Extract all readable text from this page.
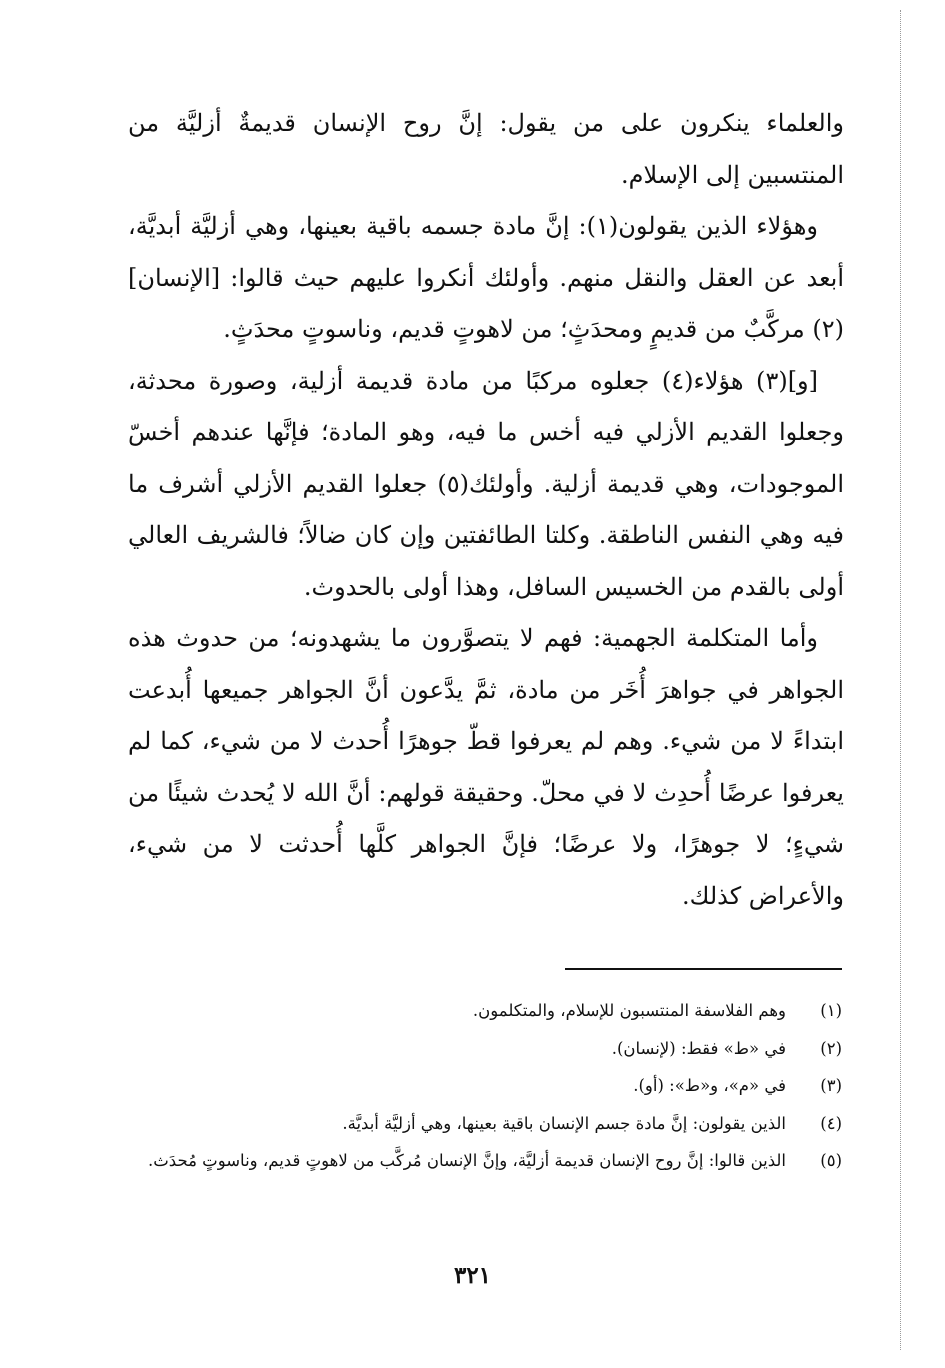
والعلماء ينكرون على من يقول: إنَّ روح الإنسان قديمةٌ أزليَّة من المنتسبين إلى الإسلام.

وهؤلاء الذين يقولون(١): إنَّ مادة جسمه باقية بعينها، وهي أزليَّة أبديَّة، أبعد عن العقل والنقل منهم. وأولئك أنكروا عليهم حيث قالوا: [الإنسان](٢) مركَّبٌ من قديمٍ ومحدَثٍ؛ من لاهوتٍ قديم، وناسوتٍ محدَثٍ.

[و](٣) هؤلاء(٤) جعلوه مركبًا من مادة قديمة أزلية، وصورة محدثة، وجعلوا القديم الأزلي فيه أخس ما فيه، وهو المادة؛ فإنَّها عندهم أخسّ الموجودات، وهي قديمة أزلية. وأولئك(٥) جعلوا القديم الأزلي أشرف ما فيه وهي النفس الناطقة. وكلتا الطائفتين وإن كان ضالاً؛ فالشريف العالي أولى بالقدم من الخسيس السافل، وهذا أولى بالحدوث.

وأما المتكلمة الجهمية: فهم لا يتصوَّرون ما يشهدونه؛ من حدوث هذه الجواهر في جواهرَ أُخَر من مادة، ثمَّ يدَّعون أنَّ الجواهر جميعها أُبدعت ابتداءً لا من شيء. وهم لم يعرفوا قطّ جوهرًا أُحدث لا من شيء، كما لم يعرفوا عرضًا أُحدِث لا في محلّ. وحقيقة قولهم: أنَّ الله لا يُحدث شيئًا من شيءٍ؛ لا جوهرًا، ولا عرضًا؛ فإنَّ الجواهر كلَّها أُحدثت لا من شيء، والأعراض كذلك.

(١)
وهم الفلاسفة المنتسبون للإسلام، والمتكلمون.
(٢)
في «ط» فقط: (لإنسان).
(٣)
في «م»، و«ط»: (أو).
(٤)
الذين يقولون: إنَّ مادة جسم الإنسان باقية بعينها، وهي أزليَّة أبديَّة.
(٥)
الذين قالوا: إنَّ روح الإنسان قديمة أزليَّة، وإنَّ الإنسان مُركَّب من لاهوتٍ قديم، وناسوتٍ مُحدَث.
٣٢١
